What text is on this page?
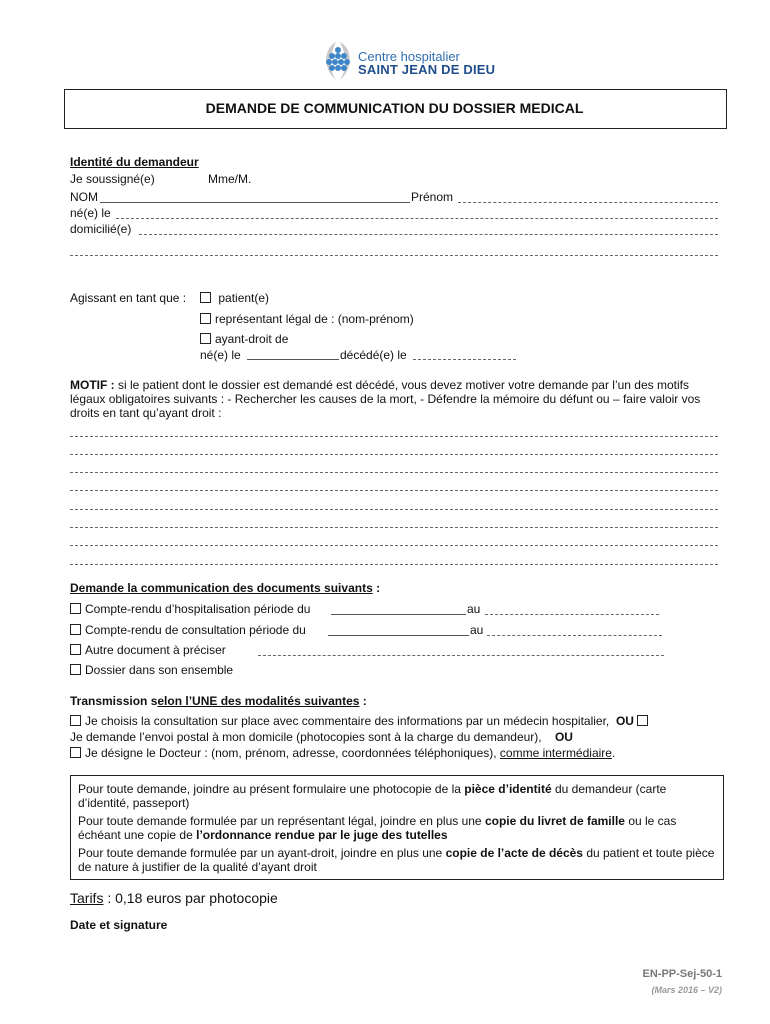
Centre hospitalier
SAINT JEAN DE DIEU
DEMANDE DE COMMUNICATION DU DOSSIER MEDICAL
Identité du demandeur
Je soussigné(e)	Mme/M.
NOM	Prénom
né(e) le
domicilié(e)
Agissant en tant que :	patient(e)
représentant légal de : (nom-prénom)
ayant-droit de
né(e) le	décédé(e) le
MOTIF : si le patient dont le dossier est demandé est décédé, vous devez motiver votre demande par l’un des motifs légaux obligatoires suivants : - Rechercher les causes de la mort, - Défendre la mémoire du défunt ou – faire valoir vos droits en tant qu’ayant droit :
Demande la communication des documents suivants :
Compte-rendu d’hospitalisation période du	au
Compte-rendu de consultation période du	au
Autre document à préciser
Dossier dans son ensemble
Transmission selon l’UNE des modalités suivantes :
Je choisis la consultation sur place avec commentaire des informations par un médecin hospitalier, OU
Je demande l’envoi postal à mon domicile (photocopies sont à la charge du demandeur), OU
Je désigne le Docteur : (nom, prénom, adresse, coordonnées téléphoniques), comme intermédiaire.
Pour toute demande, joindre au présent formulaire une photocopie de la pièce d’identité du demandeur (carte d’identité, passeport)
Pour toute demande formulée par un représentant légal, joindre en plus une copie du livret de famille ou le cas échéant une copie de l’ordonnance rendue par le juge des tutelles
Pour toute demande formulée par un ayant-droit, joindre en plus une copie de l’acte de décès du patient et toute pièce de nature à justifier de la qualité d’ayant droit
Tarifs : 0,18 euros par photocopie
Date et signature
EN-PP-Sej-50-1
(Mars 2016 – V2)
